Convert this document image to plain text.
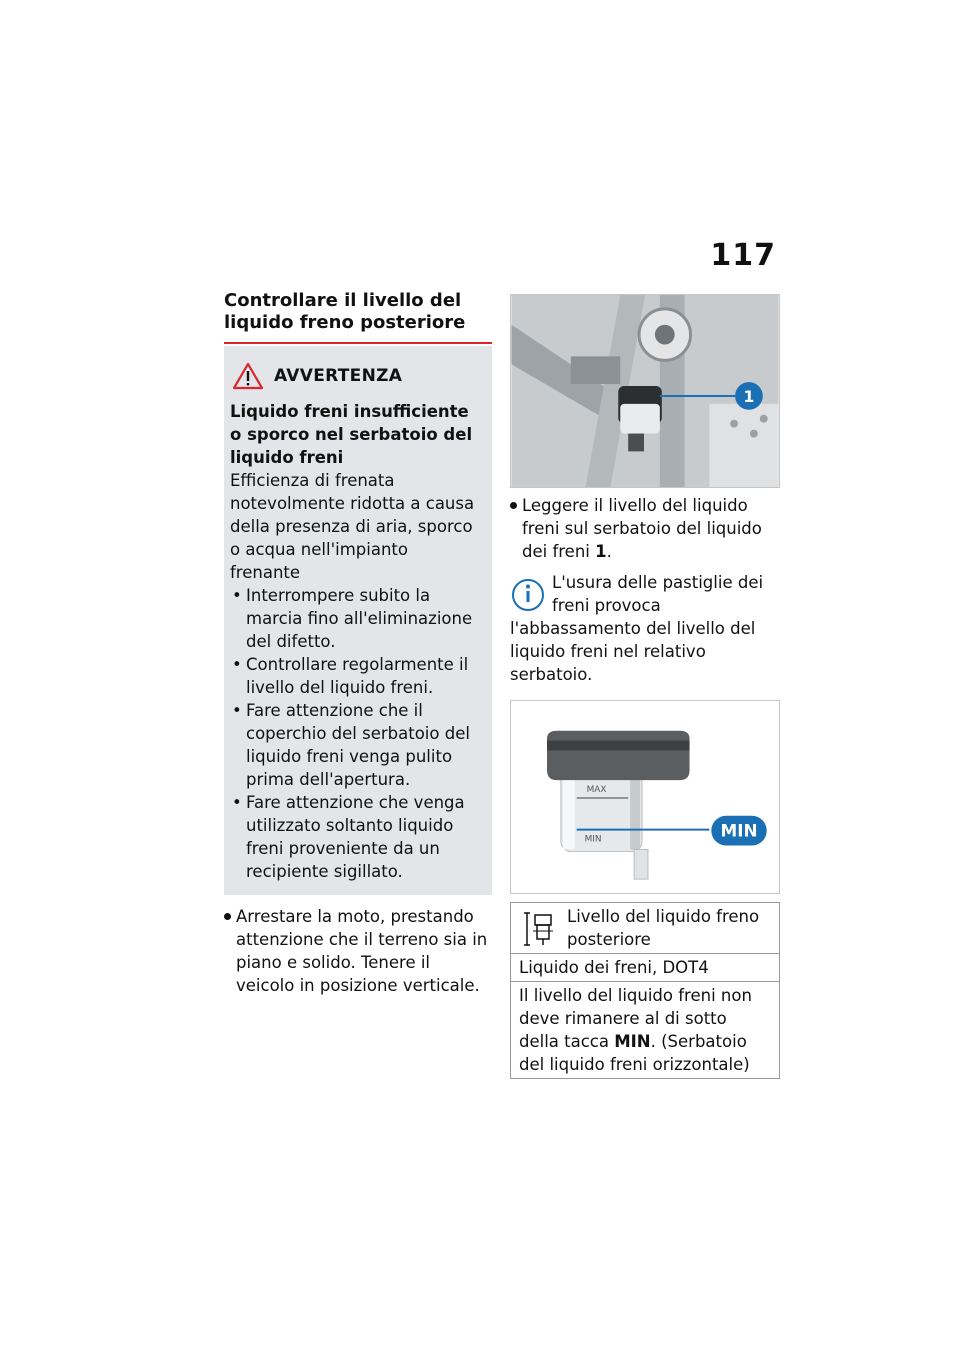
117
Controllare il livello del liquido freno posteriore
AVVERTENZA

Liquido freni insufficiente o sporco nel serbatoio del liquido freni

Efficienza di frenata notevolmente ridotta a causa della presenza di aria, sporco o acqua nell'impianto frenante

• Interrompere subito la marcia fino all'eliminazione del difetto.
• Controllare regolarmente il livello del liquido freni.
• Fare attenzione che il coperchio del serbatoio del liquido freni venga pulito prima dell'apertura.
• Fare attenzione che venga utilizzato soltanto liquido freni proveniente da un recipiente sigillato.
Arrestare la moto, prestando attenzione che il terreno sia in piano e solido. Tenere il veicolo in posizione verticale.
1
Leggere il livello del liquido freni sul serbatoio del liquido dei freni 1.
L'usura delle pastiglie dei freni provoca l'abbassamento del livello del liquido freni nel relativo serbatoio.
MAX
MIN	MIN
Livello del liquido freno posteriore

Liquido dei freni, DOT4
Il livello del liquido freni non deve rimanere al di sotto della tacca MIN. (Serbatoio del liquido freni orizzontale)
